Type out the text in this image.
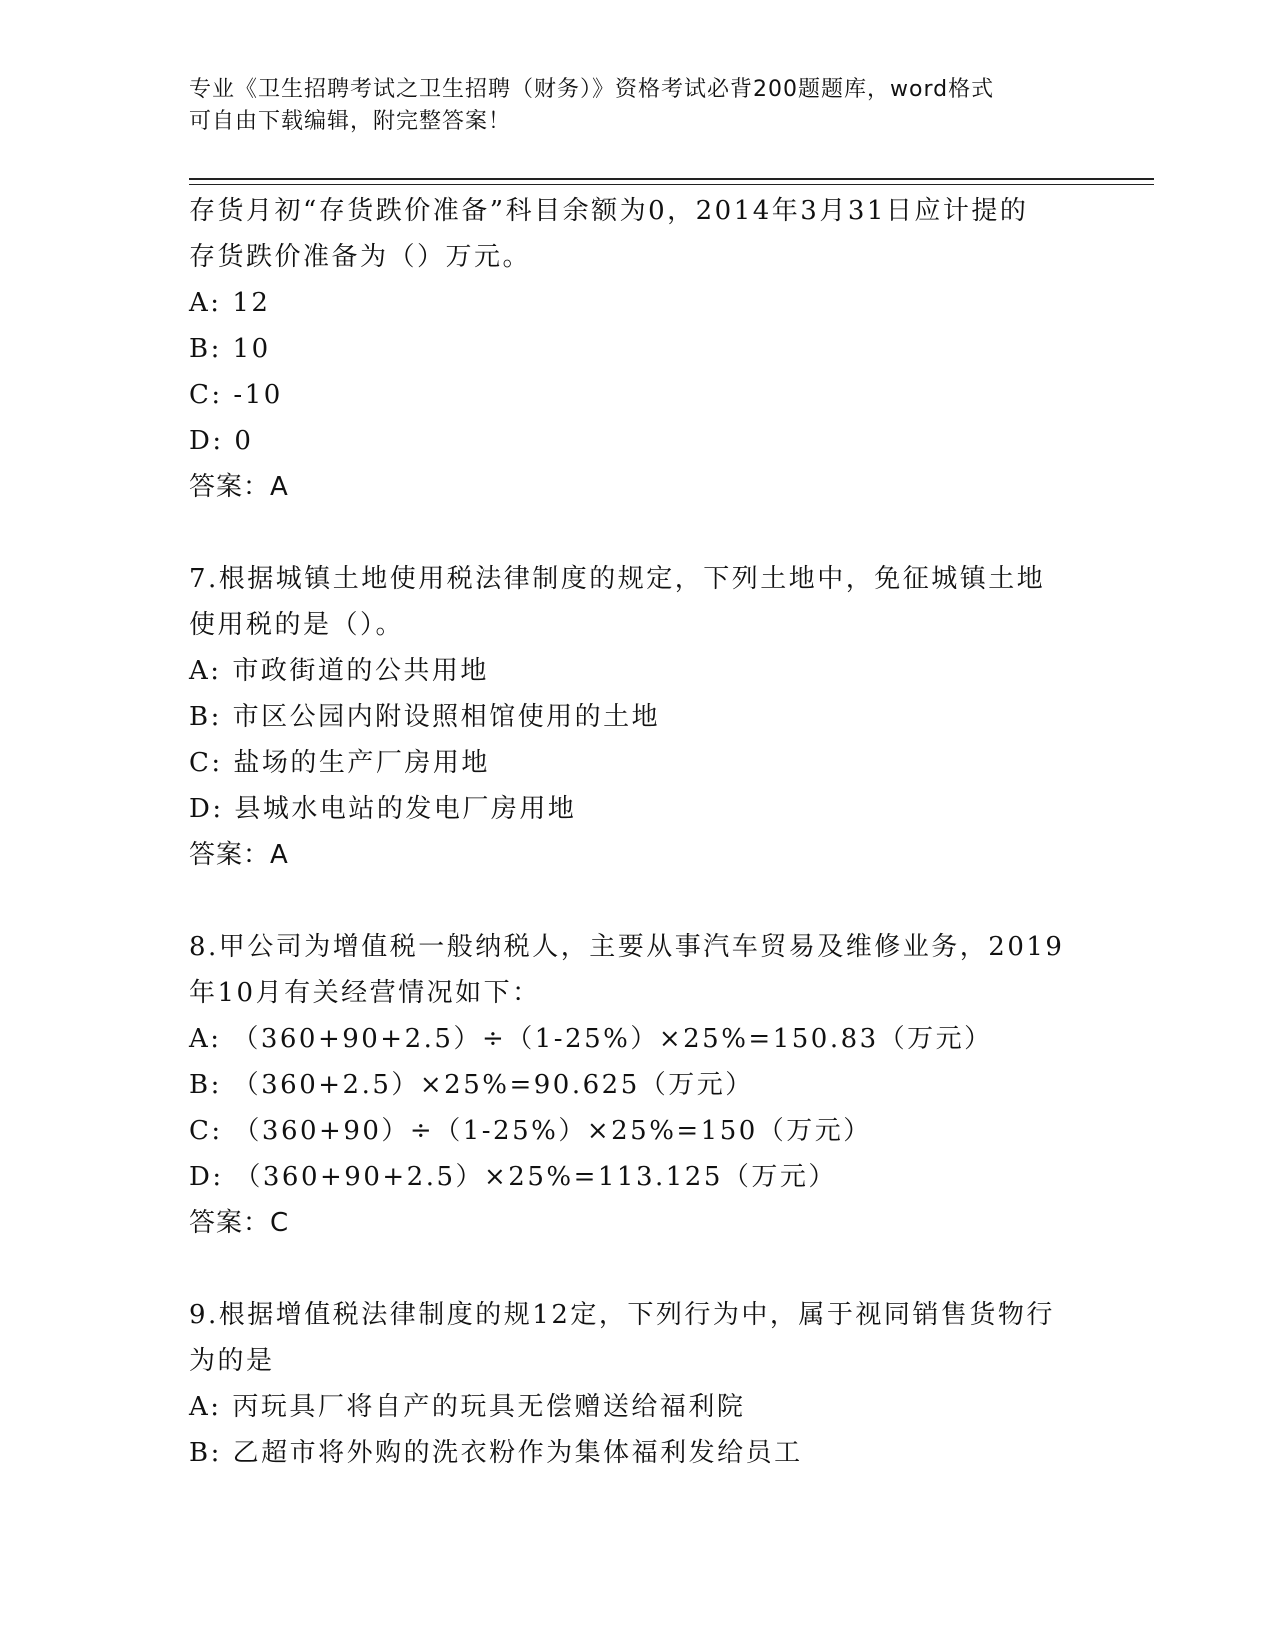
专业《卫生招聘考试之卫生招聘（财务）》资格考试必背200题题库，word格式
可自由下载编辑，附完整答案！
存货月初“存货跌价准备”科目余额为0，2014年3月31日应计提的
存货跌价准备为（）万元。
A: 12
B: 10
C: -10
D: 0
答案：A
7.根据城镇土地使用税法律制度的规定，下列土地中，免征城镇土地
使用税的是（）。
A: 市政街道的公共用地
B: 市区公园内附设照相馆使用的土地
C: 盐场的生产厂房用地
D: 县城水电站的发电厂房用地
答案：A
8.甲公司为增值税一般纳税人，主要从事汽车贸易及维修业务，2019
年10月有关经营情况如下：
A: （360+90+2.5）÷（1-25%）×25%=150.83（万元）
B: （360+2.5）×25%=90.625（万元）
C: （360+90）÷（1-25%）×25%=150（万元）
D: （360+90+2.5）×25%=113.125（万元）
答案：C
9.根据增值税法律制度的规12定，下列行为中，属于视同销售货物行
为的是
A: 丙玩具厂将自产的玩具无偿赠送给福利院
B: 乙超市将外购的洗衣粉作为集体福利发给员工
